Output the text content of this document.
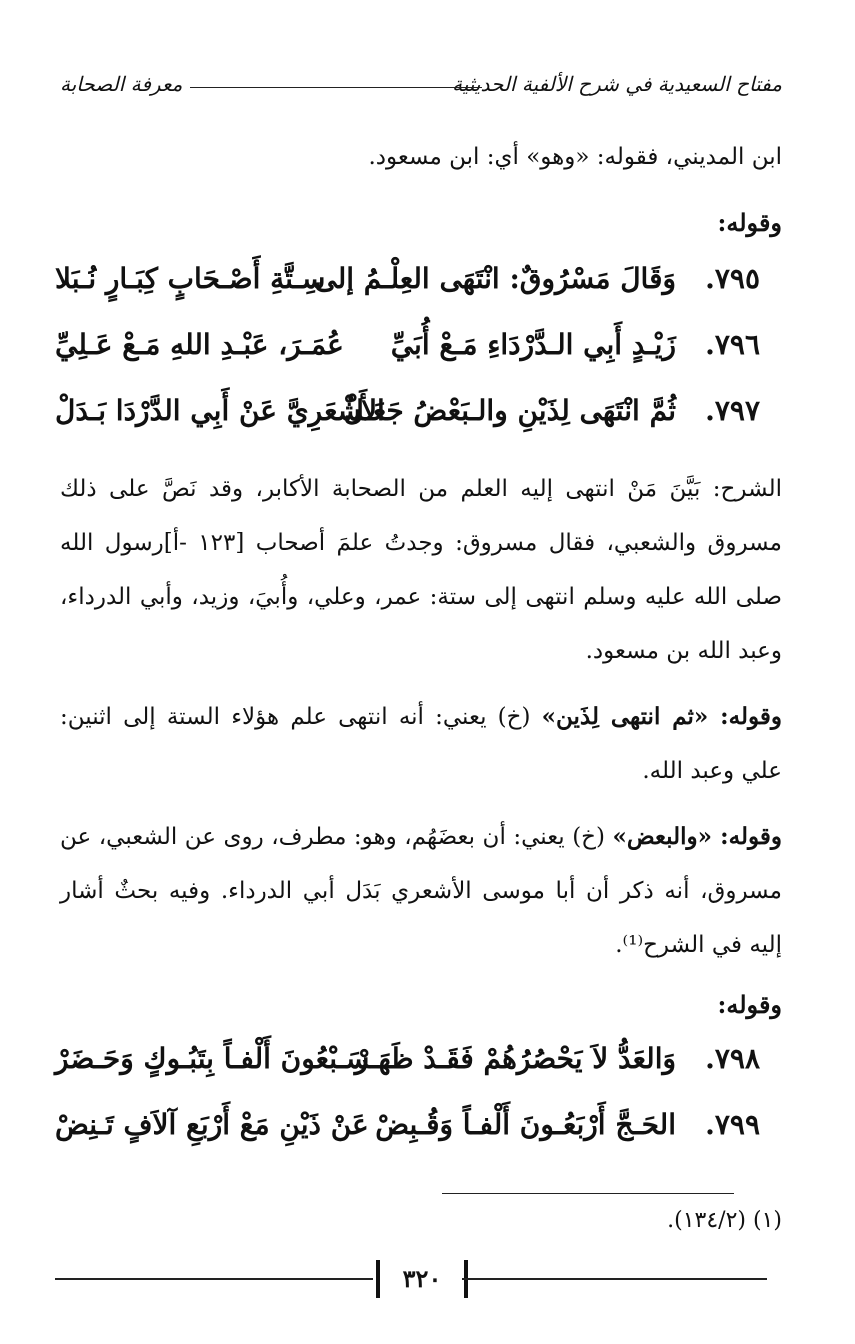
مفتاح السعيدية في شرح الألفية الحديثية
معرفة الصحابة
ابن المديني، فقوله: «وهو» أي: ابن مسعود.
وقوله:
٧٩٥.
وَقَالَ مَسْرُوقٌ: انْتَهَى العِلْـمُ إلى
سِـتَّةِ أَصْـحَابٍ كِبَـارٍ نُـبَلا
٧٩٦.
زَيْـدٍ أَبِي الـدَّرْدَاءِ مَـعْ أُبَيِّ
عُمَـرَ، عَبْـدِ اللهِ مَـعْ عَـلِيِّ
٧٩٧.
ثُمَّ انْتَهَى لِذَيْنِ والـبَعْضُ جَعَـلْ
الأَشْعَرِيَّ عَنْ أَبِي الدَّرْدَا بَـدَلْ
الشرح: بَيَّنَ مَنْ انتهى إليه العلم من الصحابة الأكابر، وقد نَصَّ على ذلك مسروق والشعبي، فقال مسروق: وجدتُ علمَ أصحاب [١٢٣ -أ]رسول الله صلى الله عليه وسلم انتهى إلى ستة: عمر، وعلي، وأُبيَ، وزيد، وأبي الدرداء، وعبد الله بن مسعود.
وقوله: «ثم انتهى لِذَين» (خ) يعني: أنه انتهى علم هؤلاء الستة إلى اثنين: علي وعبد الله.
وقوله: «والبعض» (خ) يعني: أن بعضَهُم، وهو: مطرف، روى عن الشعبي، عن مسروق، أنه ذكر أن أبا موسى الأشعري بَدَل أبي الدرداء. وفيه بحثٌ أشار إليه في الشرح⁽¹⁾.
وقوله:
٧٩٨.
وَالعَدُّ لاَ يَحْصُرُهُمْ فَقَـدْ ظَهَـرْ
سَـبْعُونَ أَلْفـاً بِتَبُـوكٍ وَحَـضَرْ
٧٩٩.
الحَـجَّ أَرْبَعُـونَ أَلْفـاً وَقُـبِضْ
عَنْ ذَيْنِ مَعْ أَرْبَعِ آلاَفٍ تَـنِضْ
(١) (١٣٤/٢).
٣٢٠
